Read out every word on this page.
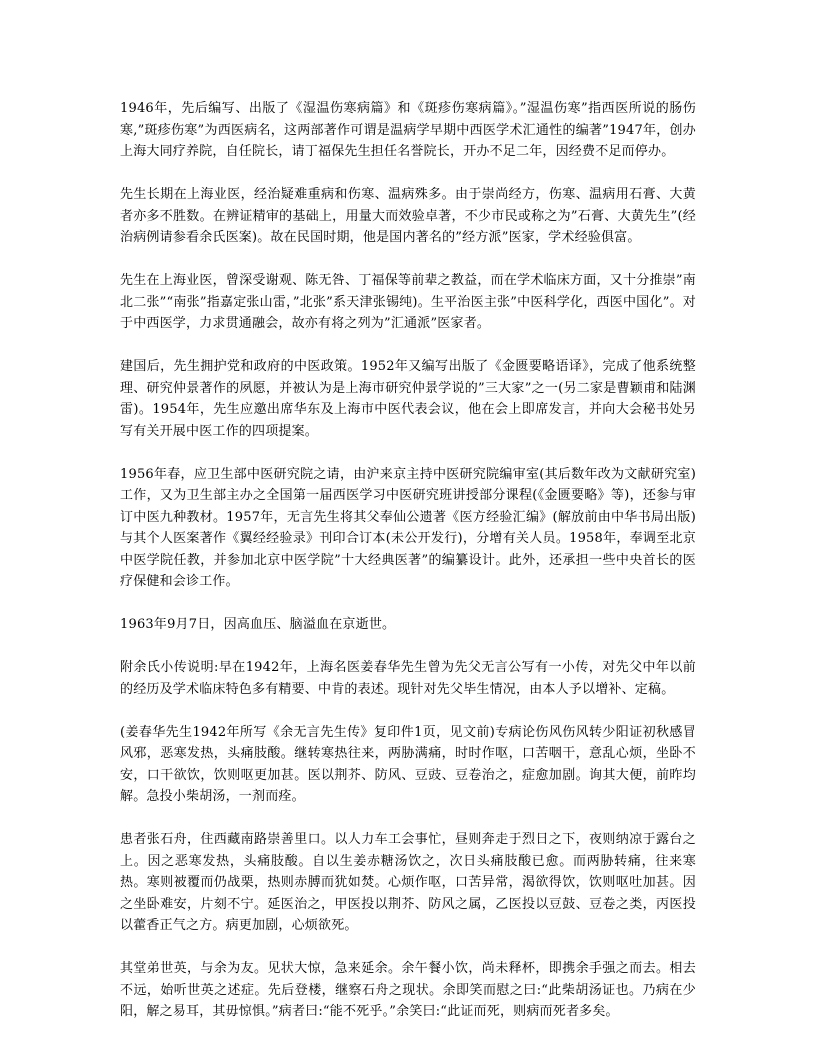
1946年，先后编写、出版了《湿温伤寒病篇》和《斑疹伤寒病篇》。”湿温伤寒”指西医所说的肠伤寒,”斑疹伤寒”为西医病名，这两部著作可谓是温病学早期中西医学术汇通性的编著”1947年，创办上海大同疗养院，自任院长，请丁福保先生担任名誉院长，开办不足二年，因经费不足而停办。

先生长期在上海业医，经治疑难重病和伤寒、温病殊多。由于崇尚经方，伤寒、温病用石膏、大黄者亦多不胜数。在辨证精审的基础上，用量大而效验卓著，不少市民或称之为”石膏、大黄先生”(经治病例请参看余氏医案)。故在民国时期，他是国内著名的”经方派”医家，学术经验俱富。

先生在上海业医，曾深受谢观、陈无咎、丁福保等前辈之教益，而在学术临床方面，又十分推崇”南北二张”“南张”指嘉定张山雷，”北张”系天津张锡纯)。生平治医主张”中医科学化，西医中国化”。对于中西医学，力求贯通融会，故亦有将之列为”汇通派”医家者。

建国后，先生拥护党和政府的中医政策。1952年又编写出版了《金匮要略语译》，完成了他系统整理、研究仲景著作的夙愿，并被认为是上海市研究仲景学说的”三大家”之一(另二家是曹颖甫和陆渊雷)。1954年，先生应邀出席华东及上海市中医代表会议，他在会上即席发言，并向大会秘书处另写有关开展中医工作的四项提案。

1956年春，应卫生部中医研究院之请，由沪来京主持中医研究院编审室(其后数年改为文献研究室)工作，又为卫生部主办之全国第一届西医学习中医研究班讲授部分课程(《金匮要略》等)，还参与审订中医九种教材。1957年，无言先生将其父奉仙公遗著《医方经验汇编》(解放前由中华书局出版)与其个人医案著作《翼经经验录》刊印合订本(未公开发行)，分增有关人员。1958年，奉调至北京中医学院任教，并参加北京中医学院”十大经典医著”的编纂设计。此外，还承担一些中央首长的医疗保健和会诊工作。

1963年9月7日，因高血压、脑溢血在京逝世。

附余氏小传说明:早在1942年，上海名医姜春华先生曾为先父无言公写有一小传，对先父中年以前的经历及学术临床特色多有精要、中肯的表述。现针对先父毕生情况，由本人予以增补、定稿。

(姜春华先生1942年所写《余无言先生传》复印件1页，见文前)专病论伤风伤风转少阳证初秋感冒风邪，恶寒发热，头痛肢酸。继转寒热往来，两胁满痛，时时作呕，口苦咽干，意乱心烦，坐卧不安，口干欲饮，饮则呕更加甚。医以荆芥、防风、豆豉、豆卷治之，症愈加剧。询其大便，前昨均解。急投小柴胡汤，一剂而痊。

患者张石舟，住西藏南路崇善里口。以人力车工会事忙，昼则奔走于烈日之下，夜则纳凉于露台之上。因之恶寒发热，头痛肢酸。自以生姜赤糖汤饮之，次日头痛肢酸已愈。而两胁转痛，往来寒热。寒则被覆而仍战栗，热则赤膊而犹如焚。心烦作呕，口苦异常，渴欲得饮，饮则呕吐加甚。因之坐卧难安，片刻不宁。延医治之，甲医投以荆芥、防风之属，乙医投以豆鼓、豆卷之类，丙医投以藿香正气之方。病更加剧，心烦欲死。

其堂弟世英，与余为友。见状大惊，急来延余。余午餐小饮，尚未释杯，即携余手强之而去。相去不远，始听世英之述症。先后登楼，继察石舟之现状。余即笑而慰之曰:“此柴胡汤证也。乃病在少阳，解之易耳，其毋惊惧。”病者曰:“能不死乎。”余笑曰:“此证而死，则病而死者多矣。
